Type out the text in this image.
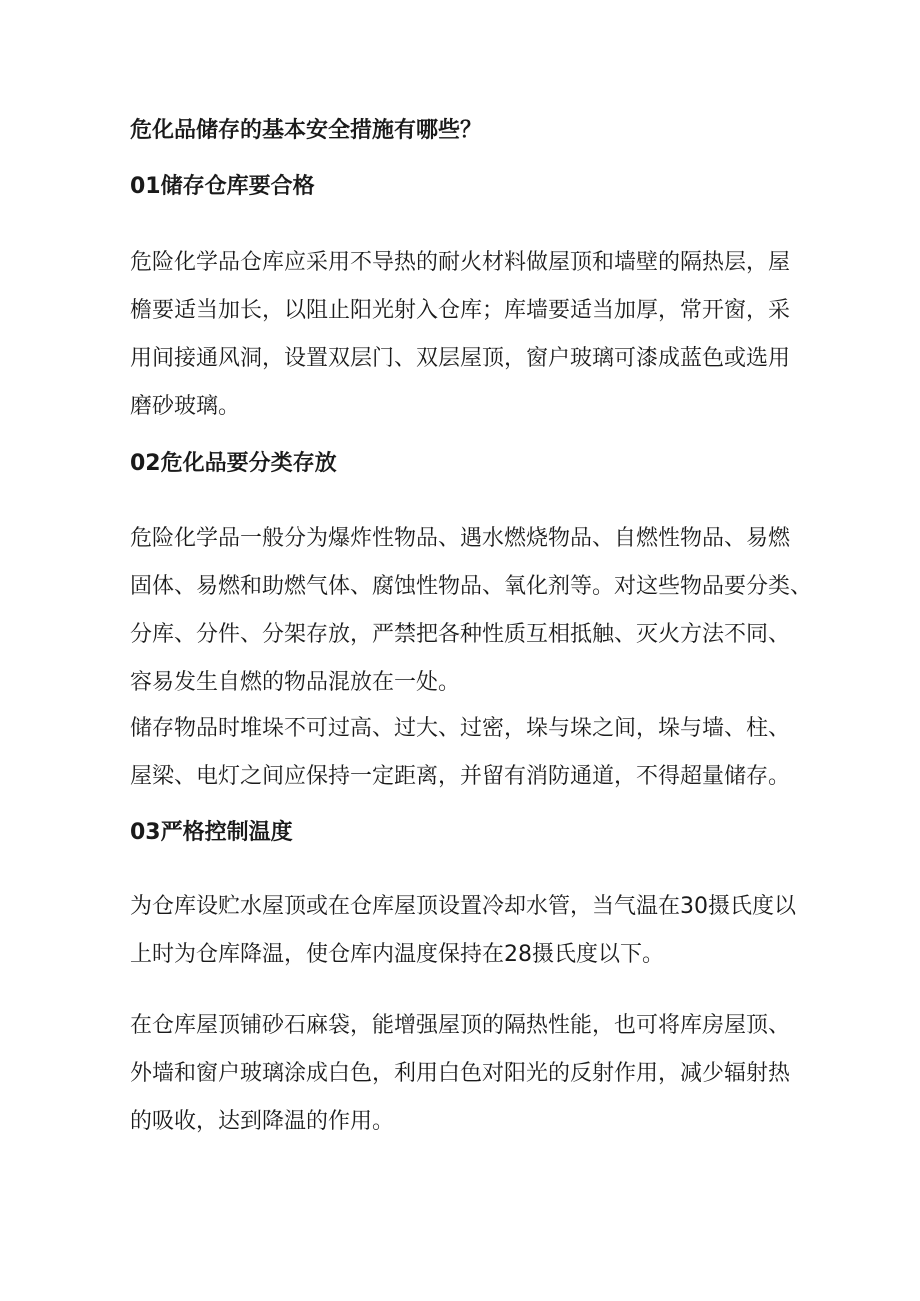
危化品储存的基本安全措施有哪些？
01储存仓库要合格
危险化学品仓库应采用不导热的耐火材料做屋顶和墙壁的隔热层，屋
檐要适当加长，以阻止阳光射入仓库；库墙要适当加厚，常开窗，采
用间接通风洞，设置双层门、双层屋顶，窗户玻璃可漆成蓝色或选用
磨砂玻璃。
02危化品要分类存放
危险化学品一般分为爆炸性物品、遇水燃烧物品、自燃性物品、易燃
固体、易燃和助燃气体、腐蚀性物品、氧化剂等。对这些物品要分类、
分库、分件、分架存放，严禁把各种性质互相抵触、灭火方法不同、
容易发生自燃的物品混放在一处。
储存物品时堆垛不可过高、过大、过密，垛与垛之间，垛与墙、柱、
屋梁、电灯之间应保持一定距离，并留有消防通道，不得超量储存。
03严格控制温度
为仓库设贮水屋顶或在仓库屋顶设置冷却水管，当气温在30摄氏度以
上时为仓库降温，使仓库内温度保持在28摄氏度以下。
在仓库屋顶铺砂石麻袋，能增强屋顶的隔热性能，也可将库房屋顶、
外墙和窗户玻璃涂成白色，利用白色对阳光的反射作用，减少辐射热
的吸收，达到降温的作用。
